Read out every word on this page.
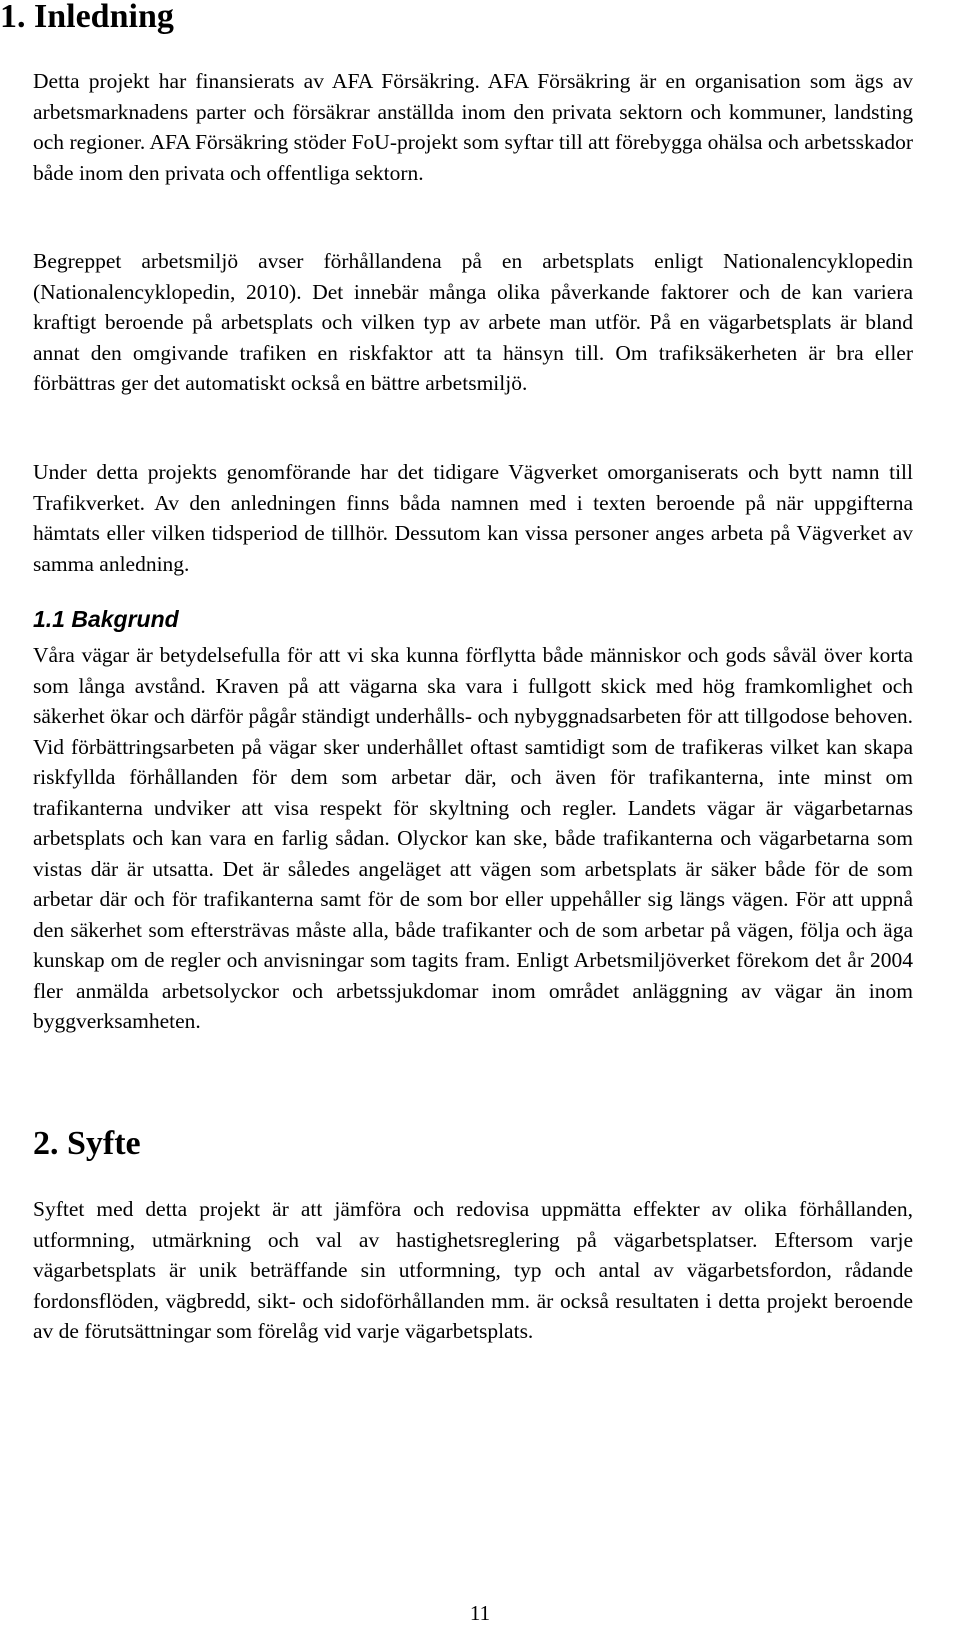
1. Inledning

Detta projekt har finansierats av AFA Försäkring. AFA Försäkring är en organisation som ägs av arbetsmarknadens parter och försäkrar anställda inom den privata sektorn och kommuner, landsting och regioner. AFA Försäkring stöder FoU-projekt som syftar till att förebygga ohälsa och arbetsskador både inom den privata och offentliga sektorn.

Begreppet arbetsmiljö avser förhållandena på en arbetsplats enligt Nationalencyklopedin (Nationalencyklopedin, 2010). Det innebär många olika påverkande faktorer och de kan variera kraftigt beroende på arbetsplats och vilken typ av arbete man utför. På en vägarbetsplats är bland annat den omgivande trafiken en riskfaktor att ta hänsyn till. Om trafiksäkerheten är bra eller förbättras ger det automatiskt också en bättre arbetsmiljö.

Under detta projekts genomförande har det tidigare Vägverket omorganiserats och bytt namn till Trafikverket. Av den anledningen finns båda namnen med i texten beroende på när uppgifterna hämtats eller vilken tidsperiod de tillhör. Dessutom kan vissa personer anges arbeta på Vägverket av samma anledning.

1.1 Bakgrund

Våra vägar är betydelsefulla för att vi ska kunna förflytta både människor och gods såväl över korta som långa avstånd. Kraven på att vägarna ska vara i fullgott skick med hög framkomlighet och säkerhet ökar och därför pågår ständigt underhålls- och nybyggnadsarbeten för att tillgodose behoven. Vid förbättringsarbeten på vägar sker underhållet oftast samtidigt som de trafikeras vilket kan skapa riskfyllda förhållanden för dem som arbetar där, och även för trafikanterna, inte minst om trafikanterna undviker att visa respekt för skyltning och regler. Landets vägar är vägarbetarnas arbetsplats och kan vara en farlig sådan. Olyckor kan ske, både trafikanterna och vägarbetarna som vistas där är utsatta. Det är således angeläget att vägen som arbetsplats är säker både för de som arbetar där och för trafikanterna samt för de som bor eller uppehåller sig längs vägen. För att uppnå den säkerhet som eftersträvas måste alla, både trafikanter och de som arbetar på vägen, följa och äga kunskap om de regler och anvisningar som tagits fram. Enligt Arbetsmiljöverket förekom det år 2004 fler anmälda arbetsolyckor och arbetssjukdomar inom området anläggning av vägar än inom byggverksamheten.

2. Syfte

Syftet med detta projekt är att jämföra och redovisa uppmätta effekter av olika förhållanden, utformning, utmärkning och val av hastighetsreglering på vägarbetsplatser. Eftersom varje vägarbetsplats är unik beträffande sin utformning, typ och antal av vägarbetsfordon, rådande fordonsflöden, vägbredd, sikt- och sidoförhållanden mm. är också resultaten i detta projekt beroende av de förutsättningar som förelåg vid varje vägarbetsplats.

11
